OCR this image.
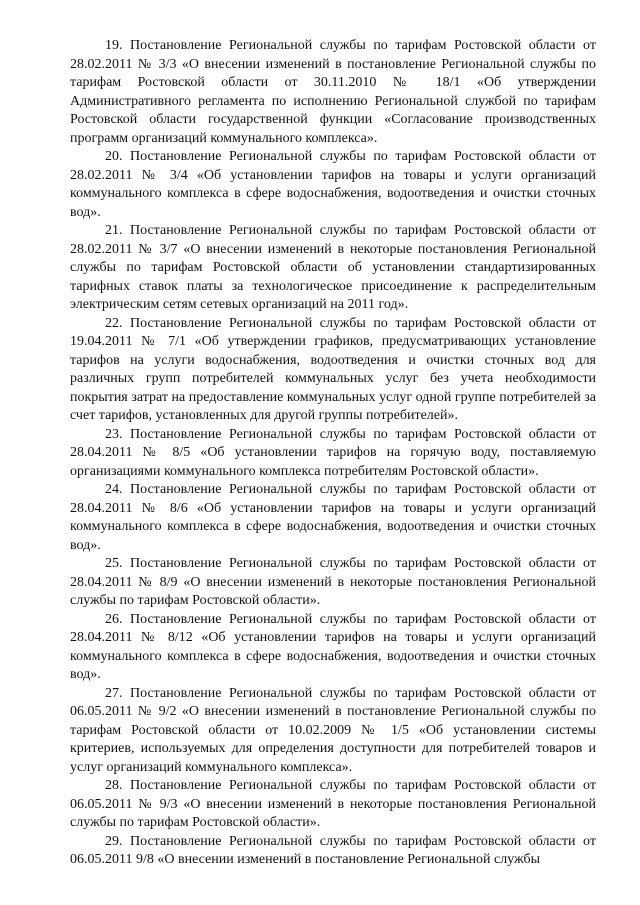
19. Постановление Региональной службы по тарифам Ростовской области от 28.02.2011 № 3/3 «О внесении изменений в постановление Региональной службы по тарифам Ростовской области от 30.11.2010 № 18/1 «Об утверждении Административного регламента по исполнению Региональной службой по тарифам Ростовской области государственной функции «Согласование производственных программ организаций коммунального комплекса».

20. Постановление Региональной службы по тарифам Ростовской области от 28.02.2011 № 3/4 «Об установлении тарифов на товары и услуги организаций коммунального комплекса в сфере водоснабжения, водоотведения и очистки сточных вод».

21. Постановление Региональной службы по тарифам Ростовской области от 28.02.2011 № 3/7 «О внесении изменений в некоторые постановления Региональной службы по тарифам Ростовской области об установлении стандартизированных тарифных ставок платы за технологическое присоединение к распределительным электрическим сетям сетевых организаций на 2011 год».

22. Постановление Региональной службы по тарифам Ростовской области от 19.04.2011 № 7/1 «Об утверждении графиков, предусматривающих установление тарифов на услуги водоснабжения, водоотведения и очистки сточных вод для различных групп потребителей коммунальных услуг без учета необходимости покрытия затрат на предоставление коммунальных услуг одной группе потребителей за счет тарифов, установленных для другой группы потребителей».

23. Постановление Региональной службы по тарифам Ростовской области от 28.04.2011 № 8/5 «Об установлении тарифов на горячую воду, поставляемую организациями коммунального комплекса потребителям Ростовской области».

24. Постановление Региональной службы по тарифам Ростовской области от 28.04.2011 № 8/6 «Об установлении тарифов на товары и услуги организаций коммунального комплекса в сфере водоснабжения, водоотведения и очистки сточных вод».

25. Постановление Региональной службы по тарифам Ростовской области от 28.04.2011 № 8/9 «О внесении изменений в некоторые постановления Региональной службы по тарифам Ростовской области».

26. Постановление Региональной службы по тарифам Ростовской области от 28.04.2011 № 8/12 «Об установлении тарифов на товары и услуги организаций коммунального комплекса в сфере водоснабжения, водоотведения и очистки сточных вод».

27. Постановление Региональной службы по тарифам Ростовской области от 06.05.2011 № 9/2 «О внесении изменений в постановление Региональной службы по тарифам Ростовской области от 10.02.2009 № 1/5 «Об установлении системы критериев, используемых для определения доступности для потребителей товаров и услуг организаций коммунального комплекса».

28. Постановление Региональной службы по тарифам Ростовской области от 06.05.2011 № 9/3 «О внесении изменений в некоторые постановления Региональной службы по тарифам Ростовской области».

29. Постановление Региональной службы по тарифам Ростовской области от 06.05.2011 9/8 «О внесении изменений в постановление Региональной службы
